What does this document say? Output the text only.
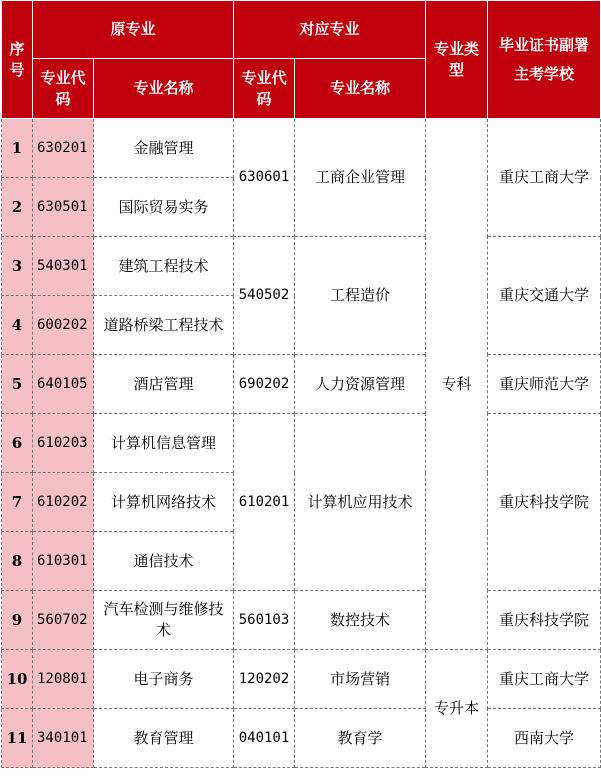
序号	原专业		对应专业		专业类型	毕业证书副署
主考学校

	专业代码	专业名称	专业代码	专业名称		
1	630201	金融管理	630601	工商企业管理	专科	重庆工商大学
2	630501	国际贸易实务				
3	540301	建筑工程技术	540502	工程造价		重庆交通大学
4	600202	道路桥梁工程技术				
5	640105	酒店管理	690202	人力资源管理		重庆师范大学
6	610203	计算机信息管理	610201	计算机应用技术		重庆科技学院
7	610202	计算机网络技术				
8	610301	通信技术				
9	560702	汽车检测与维修技术	560103	数控技术		重庆科技学院
10	120801	电子商务	120202	市场营销	专升本	重庆工商大学
11	340101	教育管理	040101	教育学		西南大学
